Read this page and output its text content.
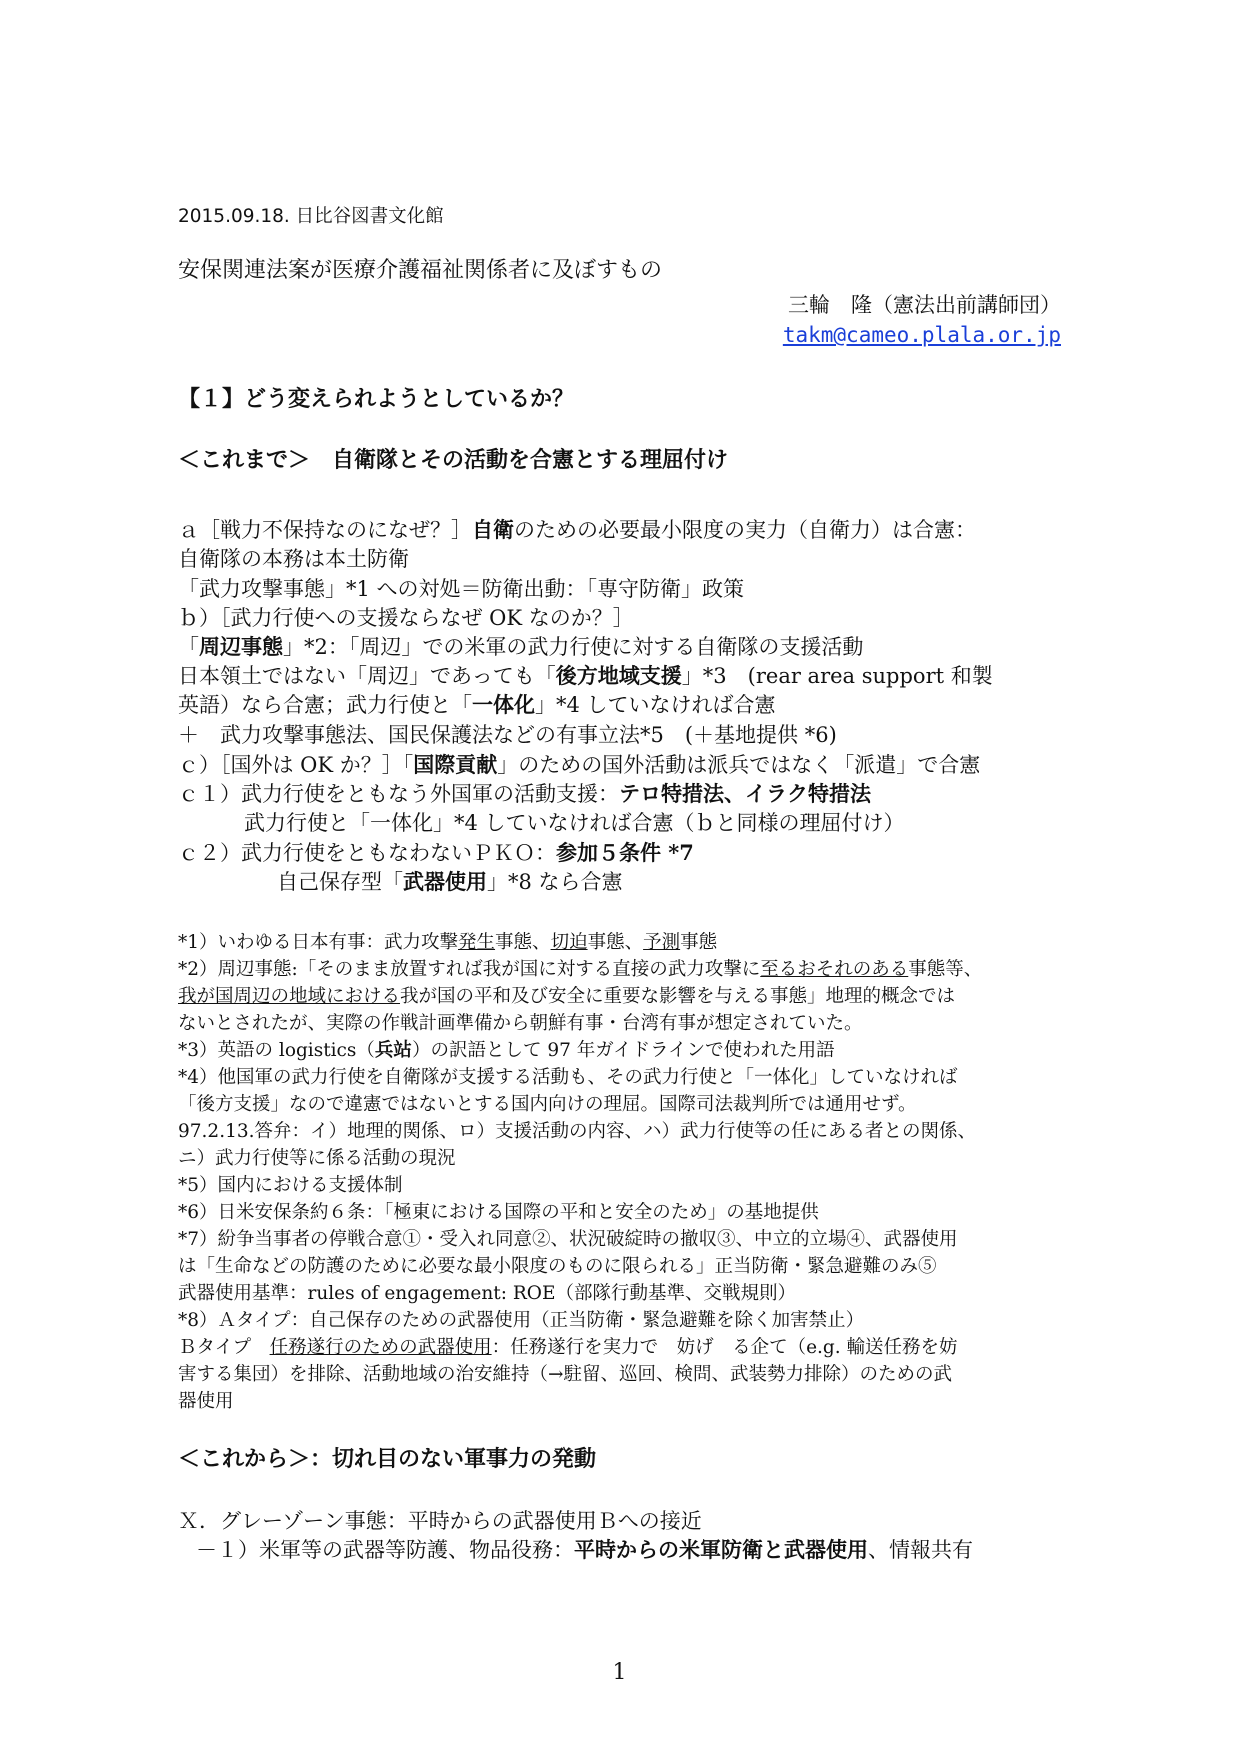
2015.09.18. 日比谷図書文化館
安保関連法案が医療介護福祉関係者に及ぼすもの
三輪　隆（憲法出前講師団）
takm@cameo.plala.or.jp
【１】どう変えられようとしているか？
＜これまで＞　自衛隊とその活動を合憲とする理屈付け
ａ［戦力不保持なのになぜ？］自衛のための必要最小限度の実力（自衛力）は合憲：
自衛隊の本務は本土防衛
「武力攻撃事態」*1 への対処＝防衛出動：「専守防衛」政策
ｂ）［武力行使への支援ならなぜ OK なのか？］
「周辺事態」*2：「周辺」での米軍の武力行使に対する自衛隊の支援活動
日本領土ではない「周辺」であっても「後方地域支援」*3　(rear area support 和製
英語）なら合憲；武力行使と「一体化」*4 していなければ合憲
＋　武力攻撃事態法、国民保護法などの有事立法*5　(＋基地提供 *6)
ｃ）［国外は OK か？］「国際貢献」のための国外活動は派兵ではなく「派遣」で合憲
ｃ１）武力行使をともなう外国軍の活動支援：テロ特措法、イラク特措法
武力行使と「一体化」*4 していなければ合憲（ｂと同様の理屈付け）
ｃ２）武力行使をともなわないＰＫＯ：参加５条件 *7
自己保存型「武器使用」*8 なら合憲
*1）いわゆる日本有事：武力攻撃発生事態、切迫事態、予測事態
*2）周辺事態:「そのまま放置すれば我が国に対する直接の武力攻撃に至るおそれのある事態等、
我が国周辺の地域における我が国の平和及び安全に重要な影響を与える事態」地理的概念では
ないとされたが、実際の作戦計画準備から朝鮮有事・台湾有事が想定されていた。
*3）英語の logistics（兵站）の訳語として 97 年ガイドラインで使われた用語
*4）他国軍の武力行使を自衛隊が支援する活動も、その武力行使と「一体化」していなければ
「後方支援」なので違憲ではないとする国内向けの理屈。国際司法裁判所では通用せず。
97.2.13.答弁：イ）地理的関係、ロ）支援活動の内容、ハ）武力行使等の任にある者との関係、
ニ）武力行使等に係る活動の現況
*5）国内における支援体制
*6）日米安保条約６条：「極東における国際の平和と安全のため」の基地提供
*7）紛争当事者の停戦合意①・受入れ同意②、状況破綻時の撤収③、中立的立場④、武器使用
は「生命などの防護のために必要な最小限度のものに限られる」正当防衛・緊急避難のみ⑤
武器使用基準：rules of engagement: ROE（部隊行動基準、交戦規則）
*8）Ａタイプ：自己保存のための武器使用（正当防衛・緊急避難を除く加害禁止）
Ｂタイプ　任務遂行のための武器使用：任務遂行を実力で　妨げ　る企て（e.g. 輸送任務を妨
害する集団）を排除、活動地域の治安維持（→駐留、巡回、検問、武装勢力排除）のための武
器使用
＜これから＞：切れ目のない軍事力の発動
Ｘ．グレーゾーン事態：平時からの武器使用Ｂへの接近
－１）米軍等の武器等防護、物品役務：平時からの米軍防衛と武器使用、情報共有
1
